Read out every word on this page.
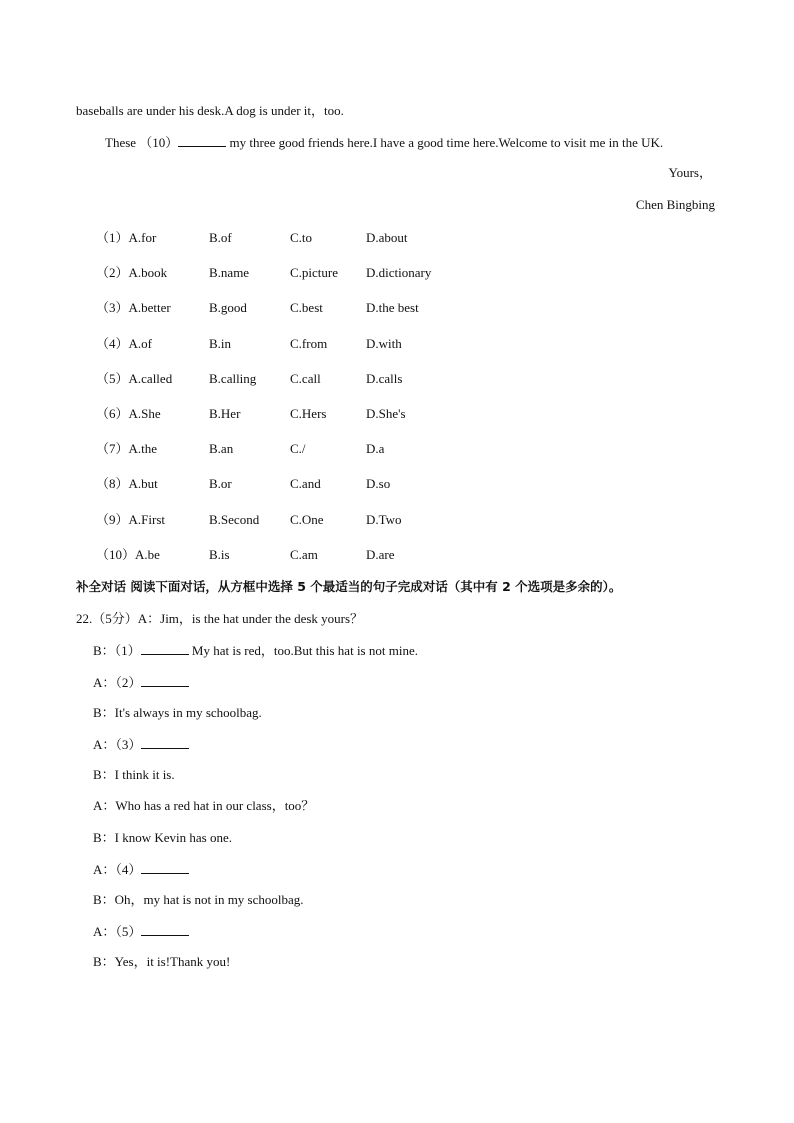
baseballs are under his desk.A dog is under it，too.
These （10）	my three good friends here.I have a good time here.Welcome to visit me in the UK.
Yours，
Chen Bingbing
（1）A.for	B.of	C.to	D.about
（2）A.book	B.name	C.picture D.dictionary
（3）A.better	B.good	C.best	D.the best
（4）A.of	B.in	C.from	D.with
（5）A.called	B.calling	C.call	D.calls
（6）A.She	B.Her	C.Hers	D.She's
（7）A.the	B.an	C./	D.a
（8）A.but	B.or	C.and	D.so
（9）A.First	B.Second C.One	D.Two
（10）A.be	B.is	C.am	D.are
补全对话 阅读下面对话，从方框中选择 5 个最适当的句子完成对话（其中有 2 个选项是多余的）。
22.（5分）A：Jim，is the hat under the desk yours？
B：（1）	My hat is red，too.But this hat is not mine.
A：（2）
B：It's always in my schoolbag.
A：（3）
B：I think it is.
A：Who has a red hat in our class，too？
B：I know Kevin has one.
A：（4）
B：Oh，my hat is not in my schoolbag.
A：（5）
B：Yes，it is!Thank you!
